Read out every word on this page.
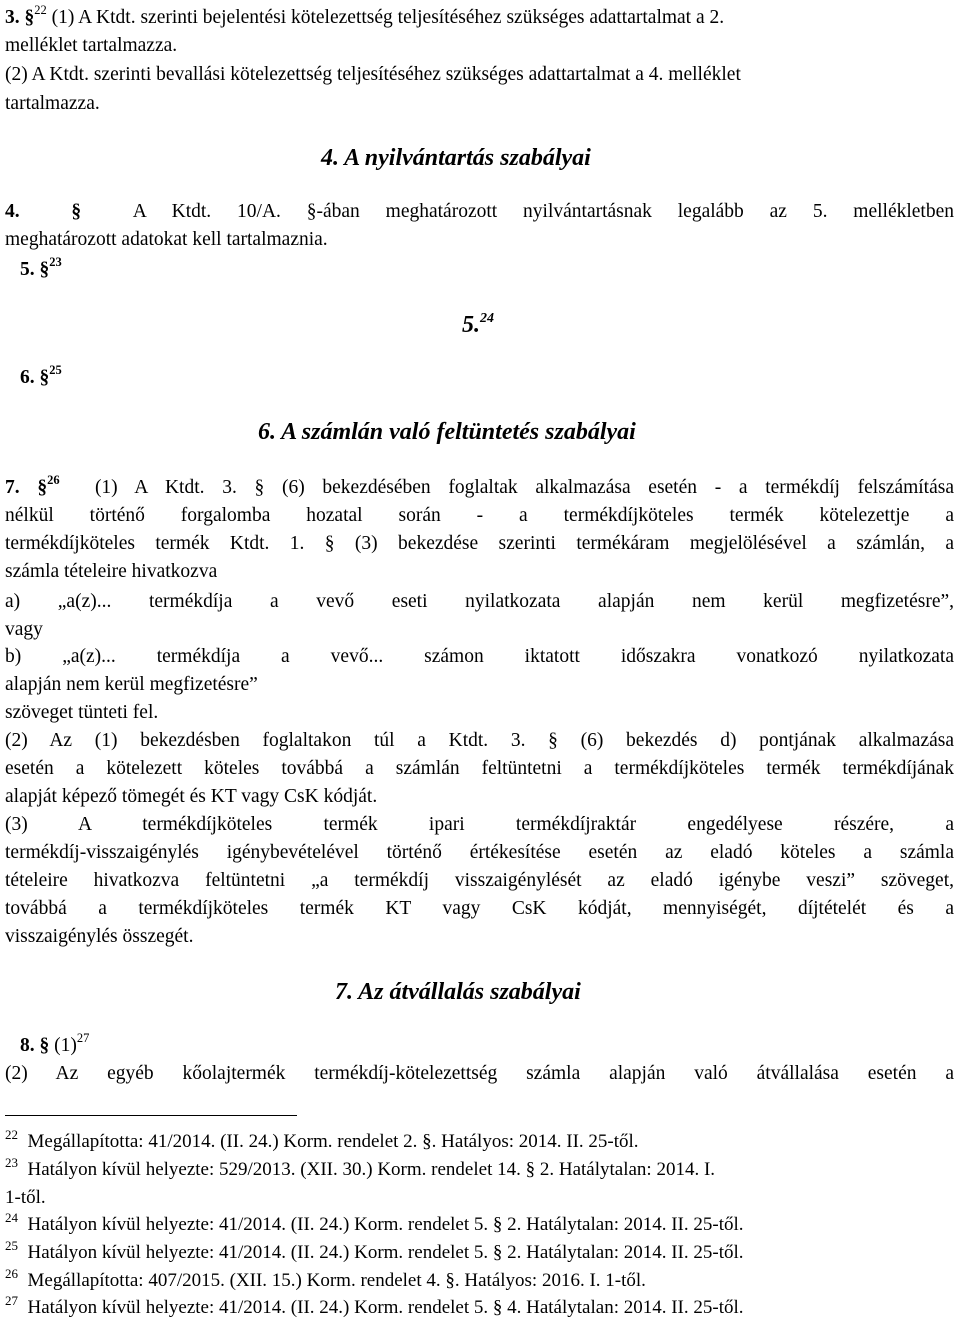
3. §$^{22}$ (1) A Ktdt. szerinti bejelentési kötelezettség teljesítéséhez szükséges adattartalmat a 2.
melléklet tartalmazza.
(2) A Ktdt. szerinti bevallási kötelezettség teljesítéséhez szükséges adattartalmat a 4. melléklet
tartalmazza.
4. A nyilvántartás szabályai
4.	§	A Ktdt. 10/A. §-ában meghatározott nyilvántartásnak legalább az 5. mellékletben
meghatározott adatokat kell tartalmaznia.
5. §$^{23}$
5.24
6. §$^{25}$
6. A számlán való feltüntetés szabályai
7. §$^{26}$ (1) A Ktdt. 3. § (6) bekezdésében foglaltak alkalmazása esetén - a termékdíj felszámítása
nélkül történő forgalomba hozatal során - a termékdíjköteles termék kötelezettje a
termékdíjköteles termék Ktdt. 1. § (3) bekezdése szerinti termékáram megjelölésével a számlán, a
számla tételeire hivatkozva
a) „a(z)... termékdíja a vevő eseti nyilatkozata alapján nem kerül megfizetésre”,
vagy
b) „a(z)... termékdíja a vevő... számon iktatott időszakra vonatkozó nyilatkozata
alapján nem kerül megfizetésre”
szöveget tünteti fel.
(2) Az (1) bekezdésben foglaltakon túl a Ktdt. 3. § (6) bekezdés d) pontjának alkalmazása
esetén a kötelezett köteles továbbá a számlán feltüntetni a termékdíjköteles termék termékdíjának
alapját képező tömegét és KT vagy CsK kódját.
(3) A termékdíjköteles termék ipari termékdíjraktár engedélyese részére, a
termékdíj-visszaigénylés igénybevételével történő értékesítése esetén az eladó köteles a számla
tételeire hivatkozva feltüntetni „a termékdíj visszaigénylését az eladó igénybe veszi” szöveget,
továbbá a termékdíjköteles termék KT vagy CsK kódját, mennyiségét, díjtételét és a
visszaigénylés összegét.
7. Az átvállalás szabályai
8. § $(1)^{27}$
(2) Az egyéb kőolajtermék termékdíj-kötelezettség számla alapján való átvállalása esetén a
$^{22}$ Megállapította: 41/2014. (II. 24.) Korm. rendelet 2. §. Hatályos: 2014. II. 25-től.
$^{23}$ Hatályon kívül helyezte: 529/2013. (XII. 30.) Korm. rendelet 14. § 2. Hatálytalan: 2014. I.
1-től.
$^{24}$ Hatályon kívül helyezte: 41/2014. (II. 24.) Korm. rendelet 5. § 2. Hatálytalan: 2014. II. 25-től.
$^{25}$ Hatályon kívül helyezte: 41/2014. (II. 24.) Korm. rendelet 5. § 2. Hatálytalan: 2014. II. 25-től.
$^{26}$ Megállapította: 407/2015. (XII. 15.) Korm. rendelet 4. §. Hatályos: 2016. I. 1-től.
$^{27}$ Hatályon kívül helyezte: 41/2014. (II. 24.) Korm. rendelet 5. § 4. Hatálytalan: 2014. II. 25-től.
